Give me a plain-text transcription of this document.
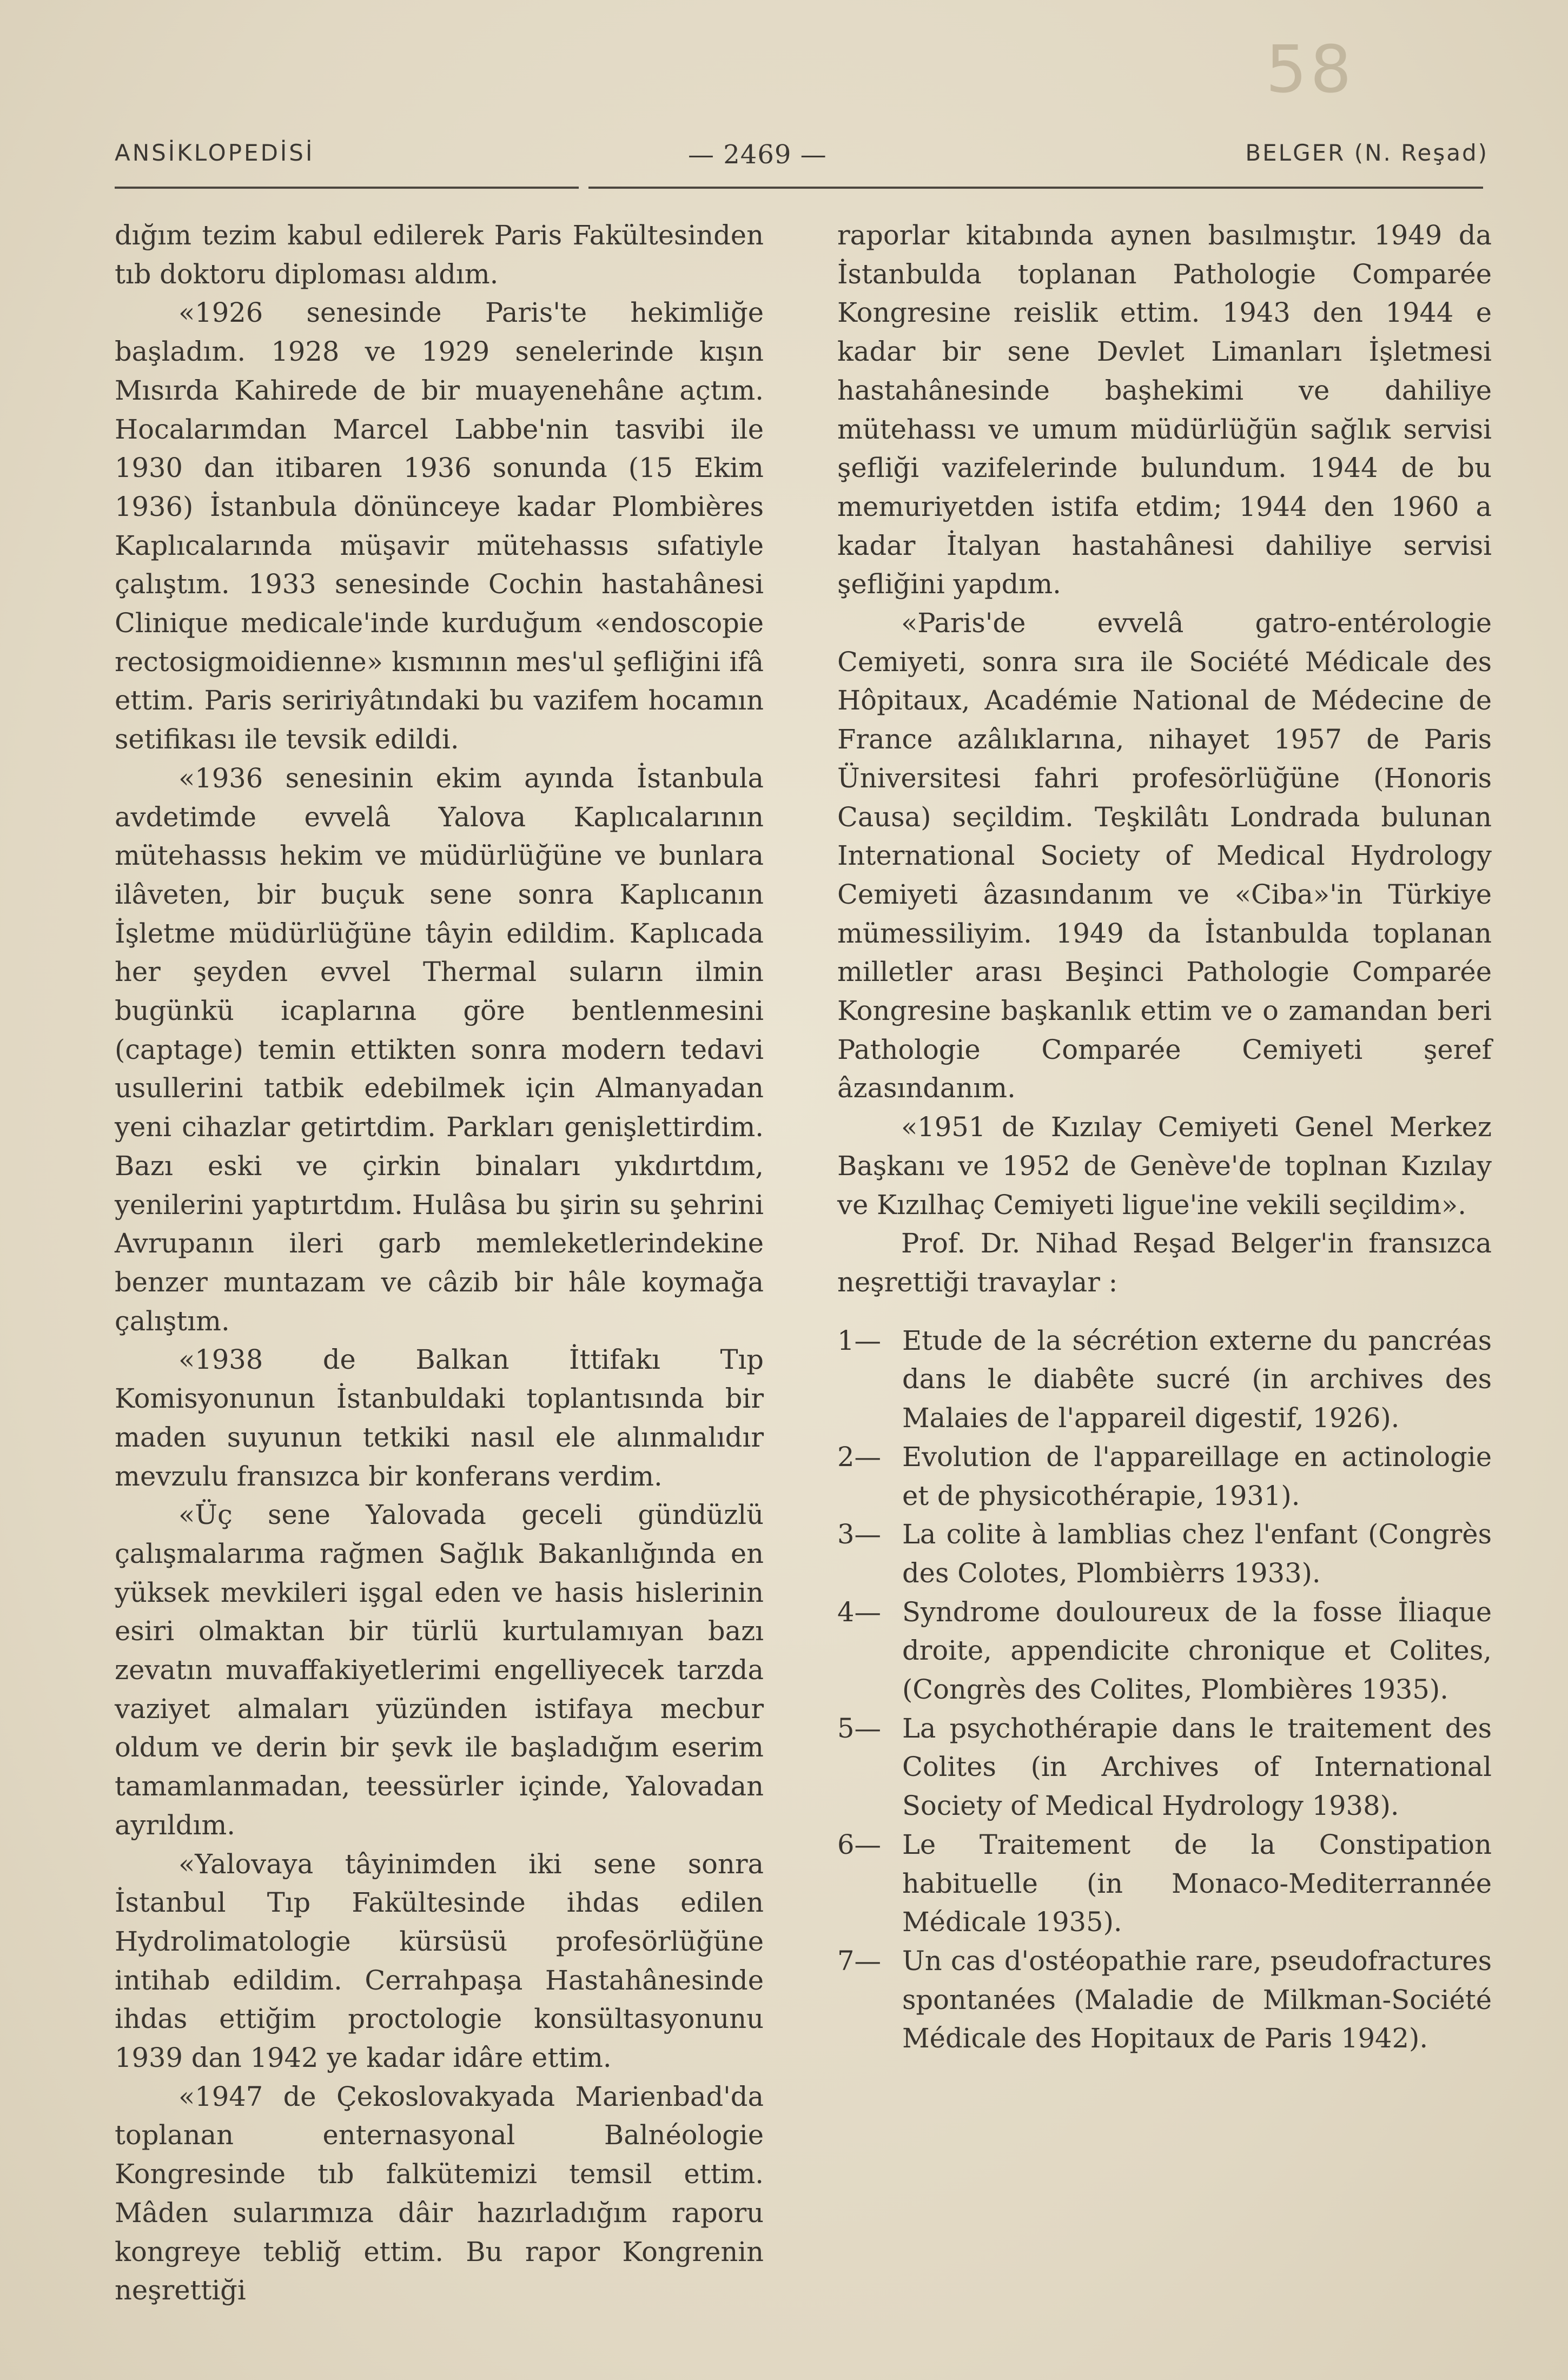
58
ANSİKLOPEDİSİ	— 2469 —	BELGER (N. Reşad)

dığım tezim kabul edilerek Paris Fakültesinden tıb doktoru diploması aldım.

«1926 senesinde Paris'te hekimliğe başladım. 1928 ve 1929 senelerinde kışın Mısırda Kahirede de bir muayenehâne açtım. Hocalarımdan Marcel Labbe'nin tasvibi ile 1930 dan itibaren 1936 sonunda (15 Ekim 1936) İstanbula dönünceye kadar Plombières Kaplıcalarında müşavir mütehassıs sıfatiyle çalıştım. 1933 senesinde Cochin hastahânesi Clinique medicale'inde kurduğum «endoscopie rectosigmoidienne» kısmının mes'ul şefliğini ifâ ettim. Paris seririyâtındaki bu vazifem hocamın setifikası ile tevsik edildi.

«1936 senesinin ekim ayında İstanbula avdetimde evvelâ Yalova Kaplıcalarının mütehassıs hekim ve müdürlüğüne ve bunlara ilâveten, bir buçuk sene sonra Kaplıcanın İşletme müdürlüğüne tâyin edildim. Kaplıcada her şeyden evvel Thermal suların ilmin bugünkü icaplarına göre bentlenmesini (captage) temin ettikten sonra modern tedavi usullerini tatbik edebilmek için Almanyadan yeni cihazlar getirtdim. Parkları genişlettirdim. Bazı eski ve çirkin binaları yıkdırtdım, yenilerini yaptırtdım. Hulâsa bu şirin su şehrini Avrupanın ileri garb memleketlerindekine benzer muntazam ve câzib bir hâle koymağa çalıştım.

«1938 de Balkan İttifakı Tıp Komisyonunun İstanbuldaki toplantısında bir maden suyunun tetkiki nasıl ele alınmalıdır mevzulu fransızca bir konferans verdim.

«Üç sene Yalovada geceli gündüzlü çalışmalarıma rağmen Sağlık Bakanlığında en yüksek mevkileri işgal eden ve hasis hislerinin esiri olmaktan bir türlü kurtulamıyan bazı zevatın muvaffakiyetlerimi engelliyecek tarzda vaziyet almaları yüzünden istifaya mecbur oldum ve derin bir şevk ile başladığım eserim tamamlanmadan, teessürler içinde, Yalovadan ayrıldım.

«Yalovaya tâyinimden iki sene sonra İstanbul Tıp Fakültesinde ihdas edilen Hydrolimatologie kürsüsü profesörlüğüne intihab edildim. Cerrahpaşa Hastahânesinde ihdas ettiğim proctologie konsültasyonunu 1939 dan 1942 ye kadar idâre ettim.

«1947 de Çekoslovakyada Marienbad'da toplanan enternasyonal Balnéologie Kongresinde tıb falkütemizi temsil ettim. Mâden sularımıza dâir hazırladığım raporu kongreye tebliğ ettim. Bu rapor Kongrenin neşrettiği

raporlar kitabında aynen basılmıştır. 1949 da İstanbulda toplanan Pathologie Comparée Kongresine reislik ettim. 1943 den 1944 e kadar bir sene Devlet Limanları İşletmesi hastahânesinde başhekimi ve dahiliye mütehassı ve umum müdürlüğün sağlık servisi şefliği vazifelerinde bulundum. 1944 de bu memuriyetden istifa etdim; 1944 den 1960 a kadar İtalyan hastahânesi dahiliye servisi şefliğini yapdım.

«Paris'de evvelâ gatro-entérologie Cemiyeti, sonra sıra ile Société Médicale des Hôpitaux, Académie National de Médecine de France azâlıklarına, nihayet 1957 de Paris Üniversitesi fahri profesörlüğüne (Honoris Causa) seçildim. Teşkilâtı Londrada bulunan International Society of Medical Hydrology Cemiyeti âzasındanım ve «Ciba»'in Türkiye mümessiliyim. 1949 da İstanbulda toplanan milletler arası Beşinci Pathologie Comparée Kongresine başkanlık ettim ve o zamandan beri Pathologie Comparée Cemiyeti şeref âzasındanım.

«1951 de Kızılay Cemiyeti Genel Merkez Başkanı ve 1952 de Genève'de toplnan Kızılay ve Kızılhaç Cemiyeti ligue'ine vekili seçildim».

Prof. Dr. Nihad Reşad Belger'in fransızca neşrettiği travaylar :

1— Etude de la sécrétion externe du pancréas dans le diabête sucré (in archives des Malaies de l'appareil digestif, 1926).

2— Evolution de l'appareillage en actinologie et de physicothérapie, 1931).

3— La colite à lamblias chez l'enfant (Congrès des Colotes, Plombièrrs 1933).

4— Syndrome douloureux de la fosse İliaque droite, appendicite chronique et Colites, (Congrès des Colites, Plombières 1935).

5— La psychothérapie dans le traitement des Colites (in Archives of International Society of Medical Hydrology 1938).

6— Le Traitement de la Constipation habituelle (in Monaco-Mediterrannée Médicale 1935).

7— Un cas d'ostéopathie rare, pseudofractures spontanées (Maladie de Milkman-Société Médicale des Hopitaux de Paris 1942).
